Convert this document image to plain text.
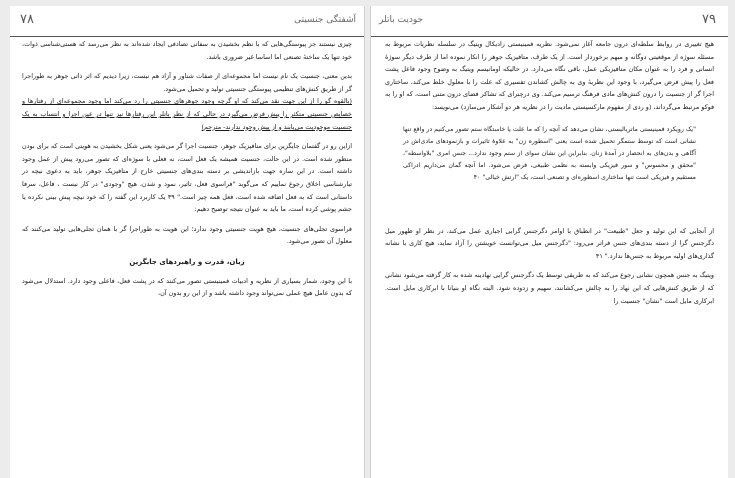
۷۸	آشفتگی جنسیتی

چیزی نیستند جز پیوستگی‌هایی که با نظم بخشیدن به سفاتی تصادفی ایجاد شده‌اند به نظر می‌رسد که هستی‌شناسی ذوات، خود تنها یک ساختهٔ تصنعی اما اساسا غیر ضروری باشد.

بدین معنی، جنسیت یک نام نیست اما مجموعه‌ای از صفات شناور و آزاد هم نیست، زیرا دیدیم که اثر ذاتی جوهر به طوراجرا گر از طریق کنش‌های تنظیمی پیوستگی جنسیتی تولید و تحمیل می‌شود.

(بالقوه گو را از این جهت نقد می‌کند که او گرچه وجود جوهرهای جنسیتی را رد می‌کند اما وجود مجموعه‌ای از رفتارها و خصایص جنسیتی متکثر را پیش فرض می‌گیرد در حالی که از نظر باتلر این رفتارها نیز تنها در عین اجرا و انتساب به یک جنسیت موجودیت می‌یابند و از پیش وجود ندارند- مترجم)

ازاین رو در گفتمان جایگزین برای متافیزیک جوهر، جنسیت اجرا گر می‌شود یعنی شکل بخشیدن به هویتی است که برای بودن منظور شده است. در این حالت، جنسیت همیشه یک فعل است، نه فعلی با سوژه‌ای که تصور می‌رود پیش از عمل وجود داشته است. در این ساره جهت بازاندیشی بر دسته بندی‌های جنسیتی خارج از متافیزیک جوهر، باید به دعوی نیچه در تبارشناسی اخلاق رجوع نماییم که می‌گوید "فراسوی فعل، تاثیر، نمود و شدن، هیچ "وجودی" در کار نیست ، فاعل، سرفا داستانی است که به فعل اضافه شده است، فعل همه چیز است." ۳۹ یک کاربرد این گفته را که خود نیچه پیش بینی نکرده یا جشم پوشی کرده است، ما باید به عنوان نتیجه توضیح دهیم:

فراسوی تجلی‌های جنسیت، هیچ هویت جنسیتی وجود ندارد؛ این هویت به طوراجرا گر با همان تجلی‌هایی تولید می‌کنند که معلول آن تصور می‌شود.

زبان، قدرت و راهبردهای جابگزین

با این وجود، شمار بسیاری از نظریه و ادبیات فمینیستی تصور می‌کنند که در پشت فعل، فاعلی وجود دارد. استدلال می‌شود که بدون عامل هیچ عملی نمی‌تواند وجود داشته باشد و از این رو بدون آن،

۷۹
جودیت باتلر

هیچ تغییری در روابط سلطه‌ای درون جامعه آغاز نمی‌شود. نظریه فمینیستی رادیکال ویتیگ در سلسله نظریات مربوط به مسئله سوژه از موقعیتی دوگانه و مبهم برخوردار است. از یک طرف، متافیزیک جوهر را انکار نموده اما از طرف دیگر سوژهٔ انسانی و فرد را به عنوان مکان متافیزیکی عمل، باقی نگاه می‌دارد. در حالیکه اومانیسم ویتیگ به وضوح وجود فاعل پشت فعل را پیش فرض می‌گیرد، با وجود این نظریهٔ وی به چالش کشاندن تفسیری که علت را با معلول خلط می‌کند، ساختاری اجرا گر از جنسیت را درون کنش‌های مادی فرهنگ ترسیم می‌کند. وی درچنرای که تشاکر فضای درون متنی است، که او را به فوکو مرتبط می‌گرداند، (و ردی از مفهوم مارکسیستی مادیت را در نظریه هر دو آشکار می‌سازد) می‌نویسد:

"یک رویکرد فمینیستی ماتریالیستی، نشان می‌دهد که آنچه را که ما علت یا خاستگاه ستم تصور می‌کنیم در واقع تنها نشانی است که توسط ستمگر تحمیل شده است یعنی "اسطوره زن" به علاوهٔ تاثیرات و بازنمودهای مادی‌اش در آگاهی و بدن‌های به انحصار در آمدهٔ زنان. بنابراین این نشان سوای از ستم وجود ندارد... جنس امری "بلاواسطه"، "محقق و محسوس" و سور فیزیکی وابسته به نظمی طبیعی، فرض می‌شود. اما آنچه گمان می‌داریم ادراکی مستقیم و فیزیکی است تنها ساختاری اسطوره‌ای و تصنعی است، یک "ارتش خیالی" ۴۰

از آنجایی که این تولید و جعل "طبیعت" در انطباق با اوامر دگرجنس گرایی اجباری عمل می‌کند، در نظر او ظهور میل دگرجنس گرا از دسته بندی‌های جنس فراتر می‌رود: "دگرجنس میل می‌توانست خویشتن را آزاد نماید، هیچ کاری با نشانه گذاری‌های اولیه مربوط به جنس‌ها ندارد." ۴۱

ویتیگ به جنس همچون نشانی رجوع می‌کند که به طریقی توسط یک دگرجنس گرایی نهادینه شده به کار گرفته می‌شود نشانی که از طریق کنش‌هایی که این نهاد را به چالش می‌کشانند، سهیم و زدوده شود. البته نگاه او بنیانا با ابرکاری مایل است. ابرکاری مایل است "نشان" جنسیت را
